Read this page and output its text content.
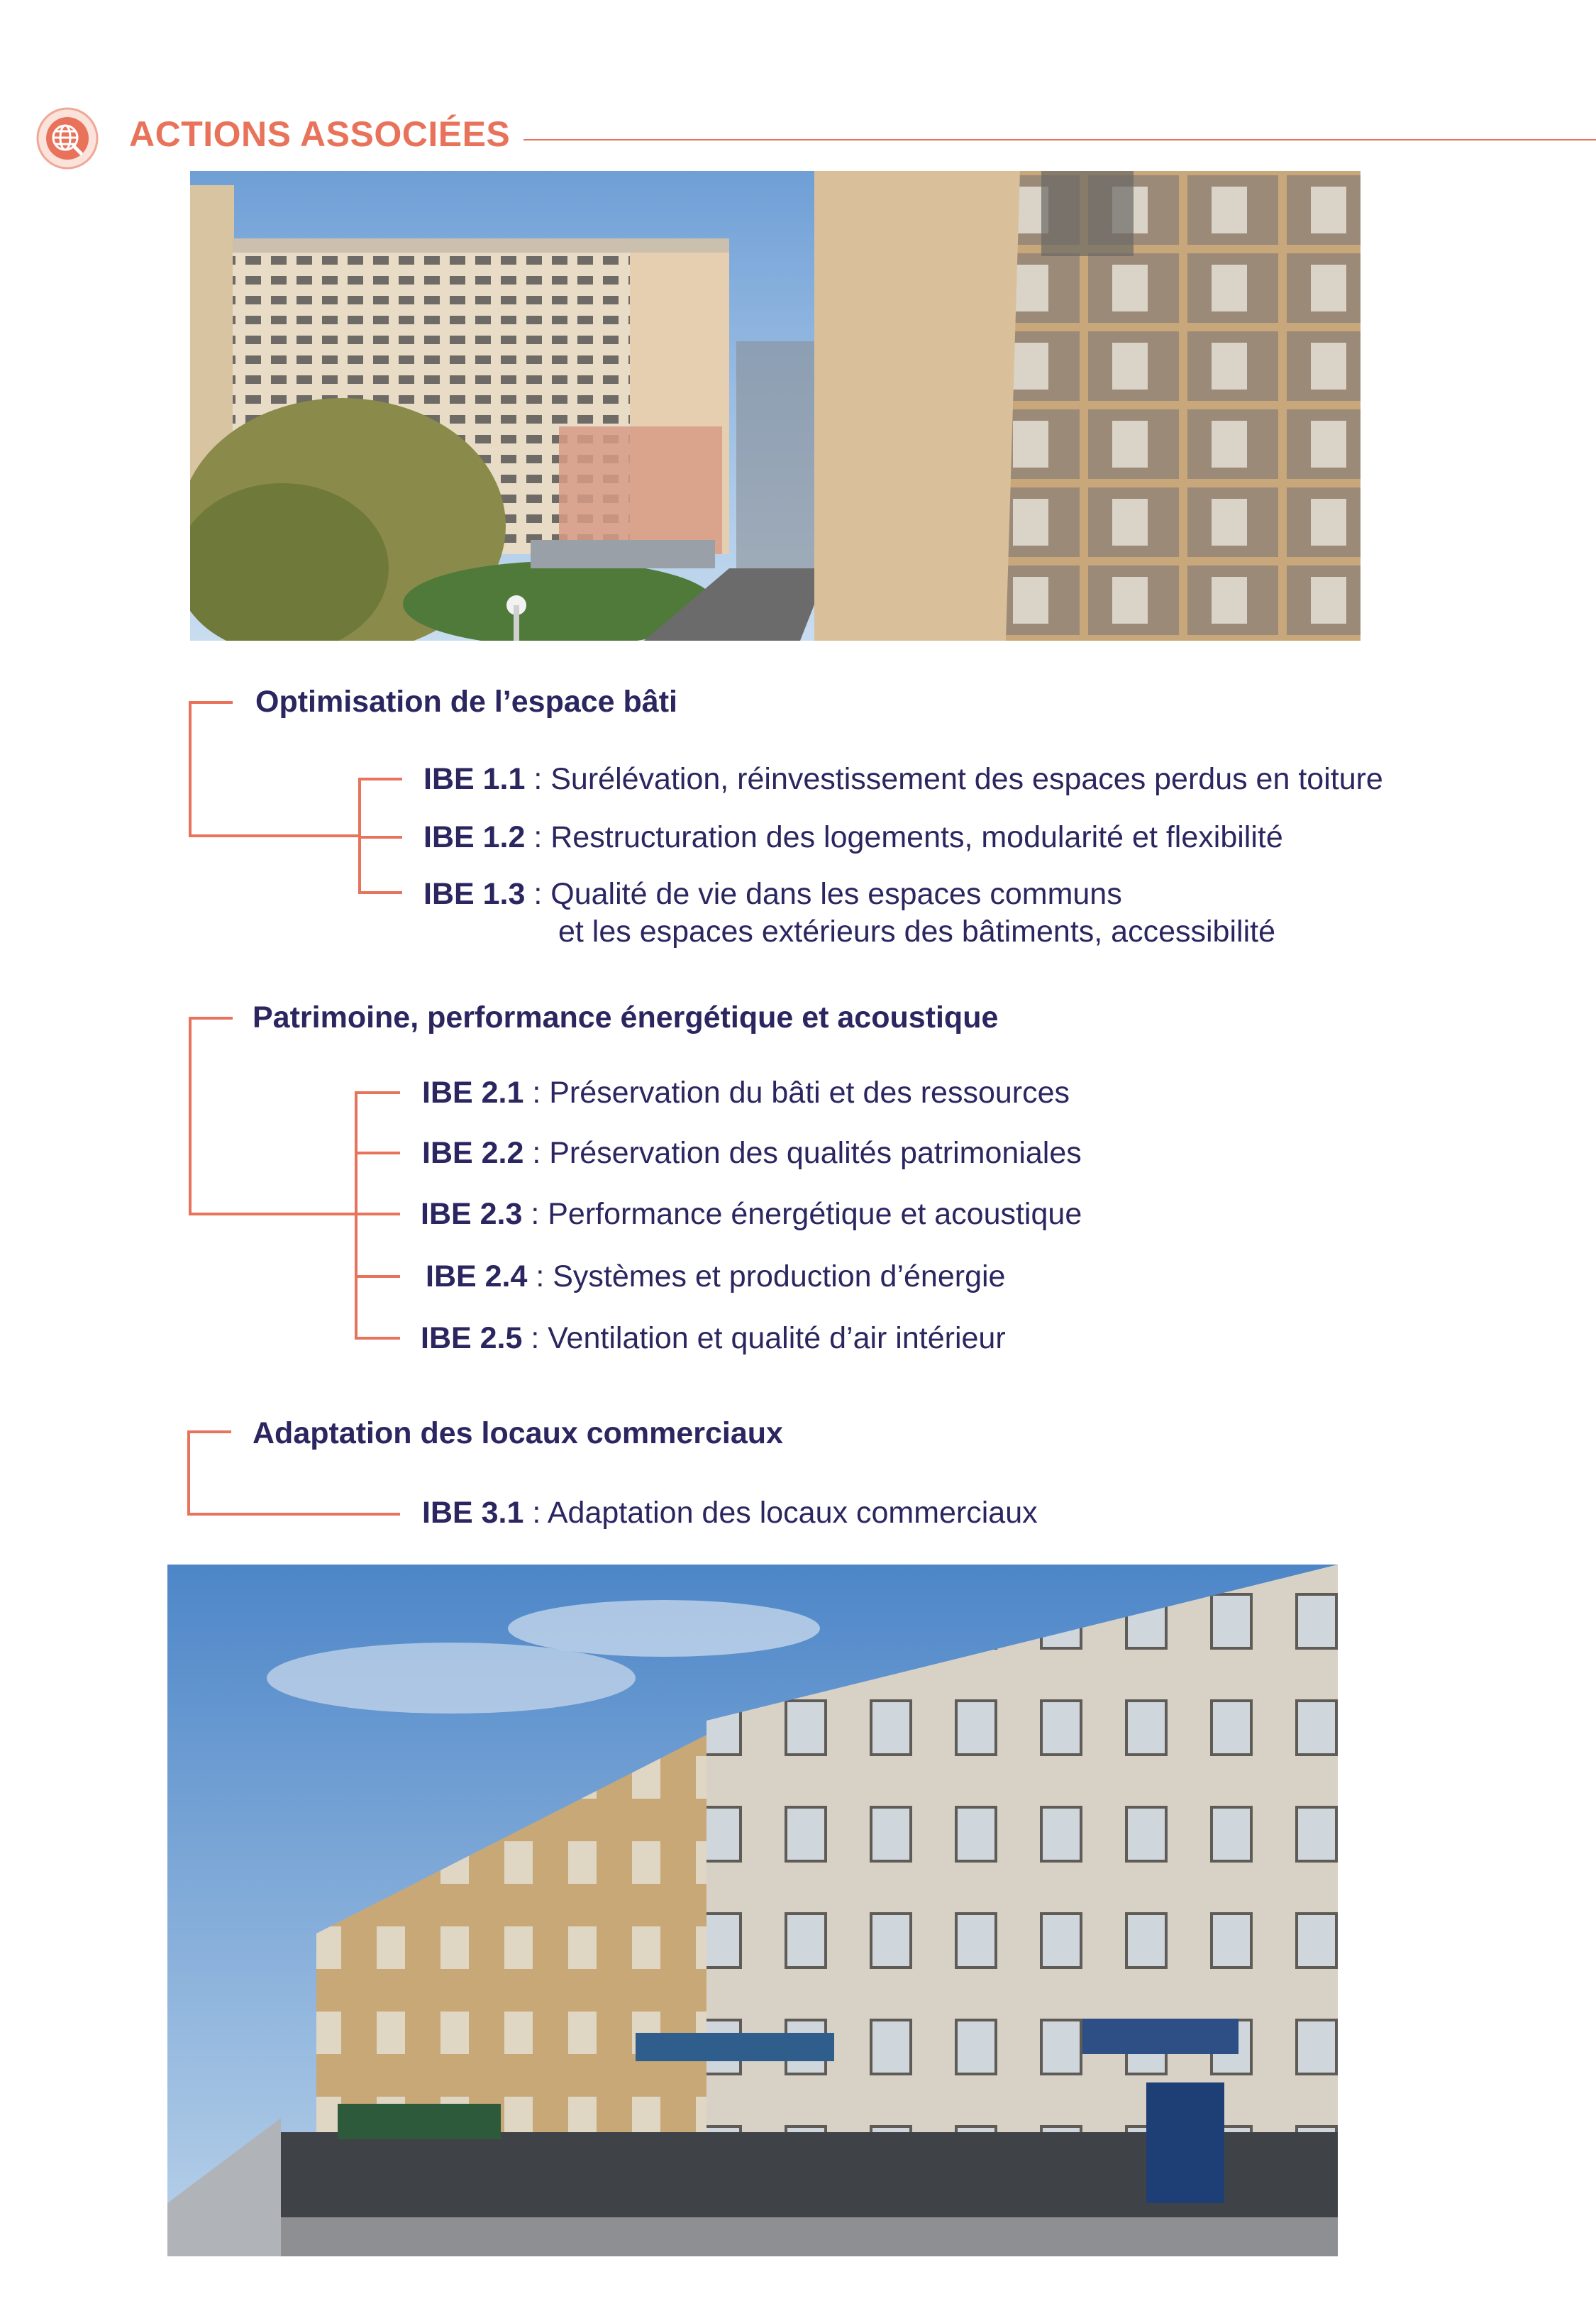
ACTIONS ASSOCIÉES
Optimisation de l’espace bâti
IBE 1.1 : Surélévation, réinvestissement des espaces perdus en toiture
IBE 1.2 : Restructuration des logements, modularité et flexibilité
IBE 1.3 : Qualité de vie dans les espaces communs
et les espaces extérieurs des bâtiments, accessibilité
Patrimoine, performance énergétique et acoustique
IBE 2.1 : Préservation du bâti et des ressources
IBE 2.2 : Préservation des qualités patrimoniales
IBE 2.3 : Performance énergétique et acoustique
IBE 2.4 : Systèmes et production d’énergie
IBE 2.5 : Ventilation et qualité d’air intérieur
Adaptation des locaux commerciaux
IBE 3.1 : Adaptation des locaux commerciaux
